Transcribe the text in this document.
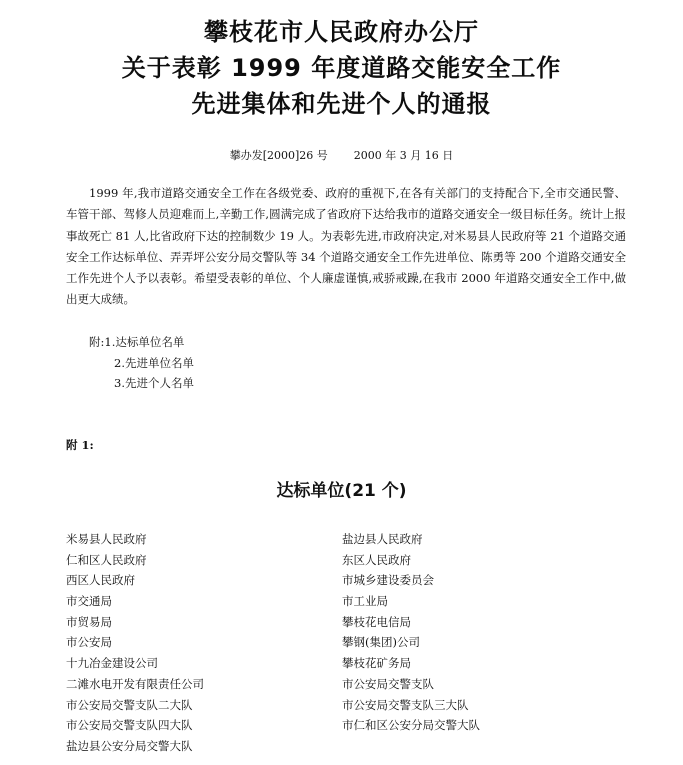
攀枝花市人民政府办公厅
关于表彰 1999 年度道路交能安全工作
先进集体和先进个人的通报
攀办发[2000]26 号 2000 年 3 月 16 日
1999 年,我市道路交通安全工作在各级党委、政府的重视下,在各有关部门的支持配合下,全市交通民警、车管干部、驾修人员迎难而上,辛勤工作,圆满完成了省政府下达给我市的道路交通安全一级目标任务。统计上报事故死亡 81 人,比省政府下达的控制数少 19 人。为表彰先进,市政府决定,对米易县人民政府等 21 个道路交通安全工作达标单位、弄弄坪公安分局交警队等 34 个道路交通安全工作先进单位、陈勇等 200 个道路交通安全工作先进个人予以表彰。希望受表彰的单位、个人廉虚谨慎,戒骄戒躁,在我市 2000 年道路交通安全工作中,做出更大成绩。
附:1.达标单位名单
2.先进单位名单
3.先进个人名单
附 1:
达标单位(21 个)
米易县人民政府
仁和区人民政府
西区人民政府
市交通局
市贸易局
市公安局
十九冶金建设公司
二滩水电开发有限责任公司
市公安局交警支队二大队
市公安局交警支队四大队
盐边县公安分局交警大队
盐边县人民政府
东区人民政府
市城乡建设委员会
市工业局
攀枝花电信局
攀钢(集团)公司
攀枝花矿务局
市公安局交警支队
市公安局交警支队三大队
市仁和区公安分局交警大队
